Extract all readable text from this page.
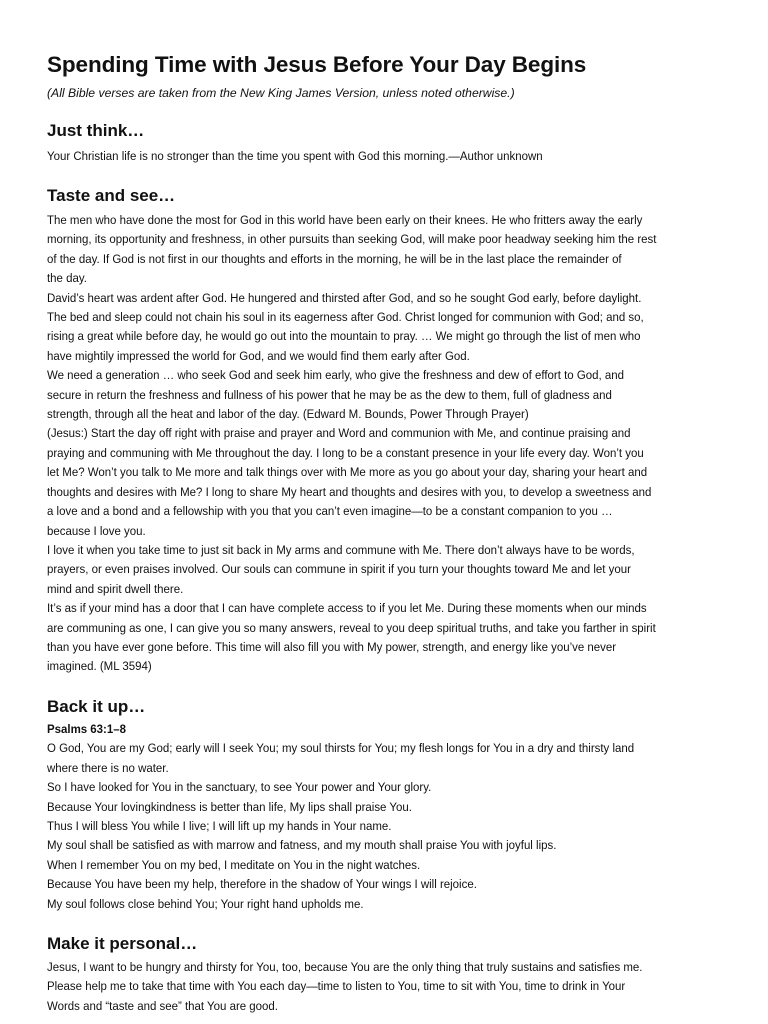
Spending Time with Jesus Before Your Day Begins

(All Bible verses are taken from the New King James Version, unless noted otherwise.)

Just think…

Your Christian life is no stronger than the time you spent with God this morning.—Author unknown

Taste and see…

The men who have done the most for God in this world have been early on their knees. He who fritters away the early

morning, its opportunity and freshness, in other pursuits than seeking God, will make poor headway seeking him the rest

of the day. If God is not first in our thoughts and efforts in the morning, he will be in the last place the remainder of

the day.

David’s heart was ardent after God. He hungered and thirsted after God, and so he sought God early, before daylight.

The bed and sleep could not chain his soul in its eagerness after God. Christ longed for communion with God; and so,

rising a great while before day, he would go out into the mountain to pray. … We might go through the list of men who

have mightily impressed the world for God, and we would find them early after God.

We need a generation … who seek God and seek him early, who give the freshness and dew of effort to God, and

secure in return the freshness and fullness of his power that he may be as the dew to them, full of gladness and

strength, through all the heat and labor of the day. (Edward M. Bounds, Power Through Prayer)

(Jesus:) Start the day off right with praise and prayer and Word and communion with Me, and continue praising and

praying and communing with Me throughout the day. I long to be a constant presence in your life every day. Won’t you

let Me? Won’t you talk to Me more and talk things over with Me more as you go about your day, sharing your heart and

thoughts and desires with Me? I long to share My heart and thoughts and desires with you, to develop a sweetness and

a love and a bond and a fellowship with you that you can’t even imagine—to be a constant companion to you …

because I love you.

I love it when you take time to just sit back in My arms and commune with Me. There don’t always have to be words,

prayers, or even praises involved. Our souls can commune in spirit if you turn your thoughts toward Me and let your

mind and spirit dwell there.

It’s as if your mind has a door that I can have complete access to if you let Me. During these moments when our minds

are communing as one, I can give you so many answers, reveal to you deep spiritual truths, and take you farther in spirit

than you have ever gone before. This time will also fill you with My power, strength, and energy like you’ve never

imagined. (ML 3594)

Back it up…

Psalms 63:1–8

O God, You are my God; early will I seek You; my soul thirsts for You; my flesh longs for You in a dry and thirsty land

where there is no water.

So I have looked for You in the sanctuary, to see Your power and Your glory.

Because Your lovingkindness is better than life, My lips shall praise You.

Thus I will bless You while I live; I will lift up my hands in Your name.

My soul shall be satisfied as with marrow and fatness, and my mouth shall praise You with joyful lips.

When I remember You on my bed, I meditate on You in the night watches.

Because You have been my help, therefore in the shadow of Your wings I will rejoice.

My soul follows close behind You; Your right hand upholds me.

Make it personal…

Jesus, I want to be hungry and thirsty for You, too, because You are the only thing that truly sustains and satisfies me.

Please help me to take that time with You each day—time to listen to You, time to sit with You, time to drink in Your

Words and “taste and see” that You are good.
